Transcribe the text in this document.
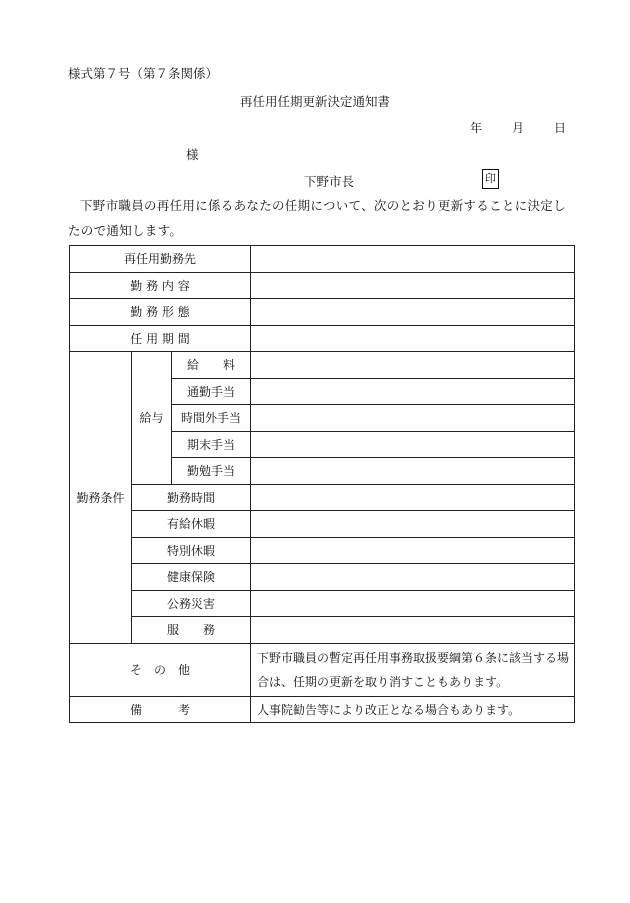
様式第７号（第７条関係）
再任用任期更新決定通知書
年	月	日
様
下野市長	印
下野市職員の再任用に係るあなたの任期について、次のとおり更新することに決定したので通知します。
再任用勤務先			
勤 務 内 容			
勤 務 形 態			
任 用 期 間			
勤務条件	給与	給　　料	
		通勤手当	
		時間外手当	
		期末手当	
		勤勉手当	
	勤務時間		
	有給休暇		
	特別休暇		
	健康保険		
	公務災害		
	服　　務		
そ　の　他			下野市職員の暫定再任用事務取扱要綱第６条に該当する場合は、任期の更新を取り消すこともあります。
備　　　考			人事院勧告等により改正となる場合もあります。
